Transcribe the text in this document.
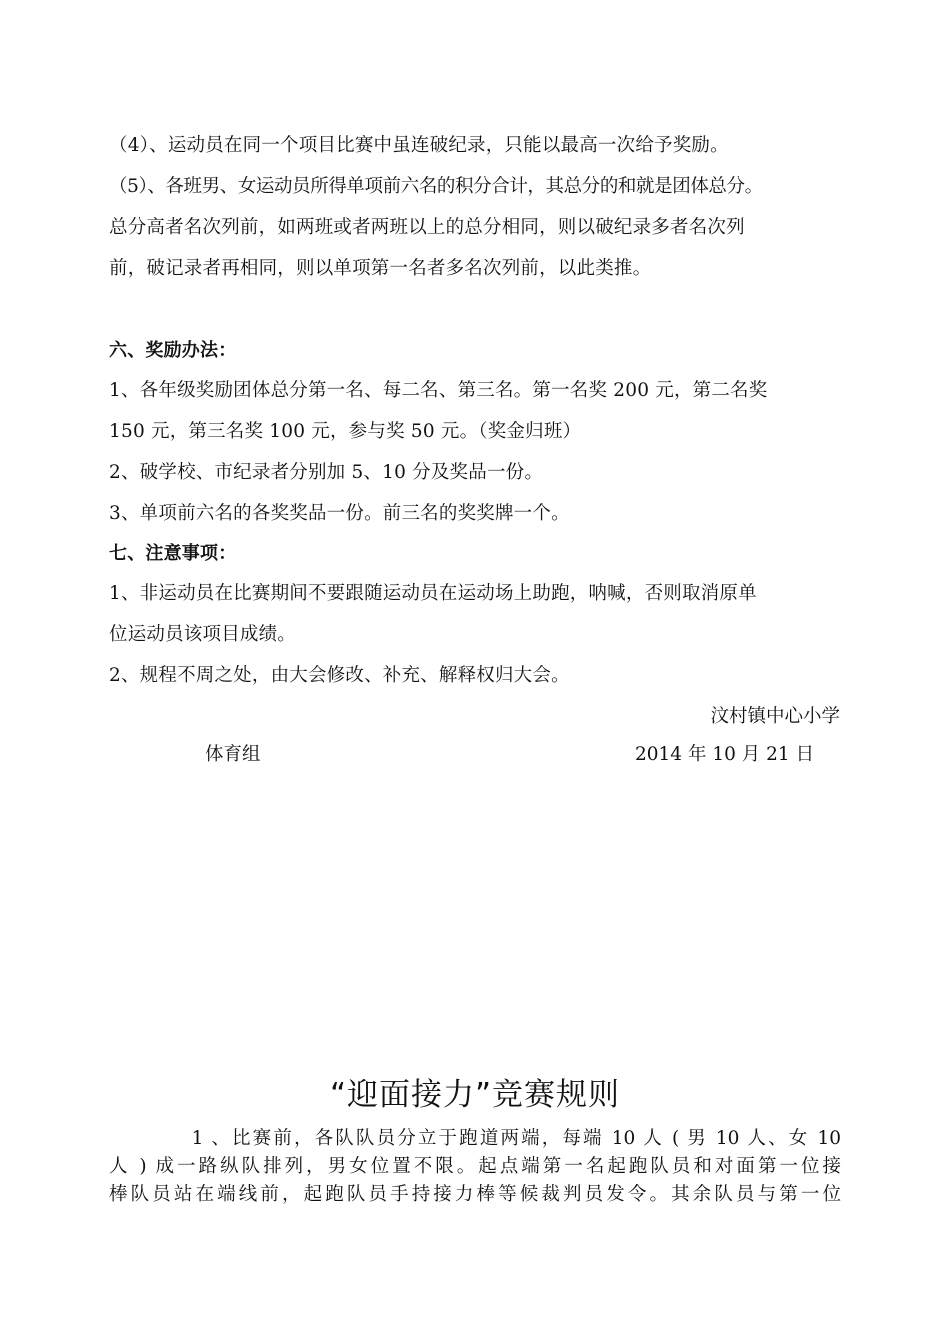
（4）、运动员在同一个项目比赛中虽连破纪录，只能以最高一次给予奖励。
（5）、各班男、女运动员所得单项前六名的积分合计，其总分的和就是团体总分。
总分高者名次列前，如两班或者两班以上的总分相同，则以破纪录多者名次列
前，破记录者再相同，则以单项第一名者多名次列前，以此类推。
六、奖励办法：
1、各年级奖励团体总分第一名、每二名、第三名。第一名奖 200 元，第二名奖
150 元，第三名奖 100 元，参与奖 50 元。（奖金归班）
2、破学校、市纪录者分别加 5、10 分及奖品一份。
3、单项前六名的各奖奖品一份。前三名的奖奖牌一个。
七、注意事项：
1、非运动员在比赛期间不要跟随运动员在运动场上助跑，呐喊，否则取消原单
位运动员该项目成绩。
2、规程不周之处，由大会修改、补充、解释权归大会。
汶村镇中心小学
体育组	2014 年 10 月 21 日
“迎面接力”竞赛规则
　　　　1 、比赛前，各队队员分立于跑道两端，每端 10 人 ( 男 10 人、女 10
人 ) 成一路纵队排列，男女位置不限。起点端第一名起跑队员和对面第一位接
棒队员站在端线前，起跑队员手持接力棒等候裁判员发令。其余队员与第一位
